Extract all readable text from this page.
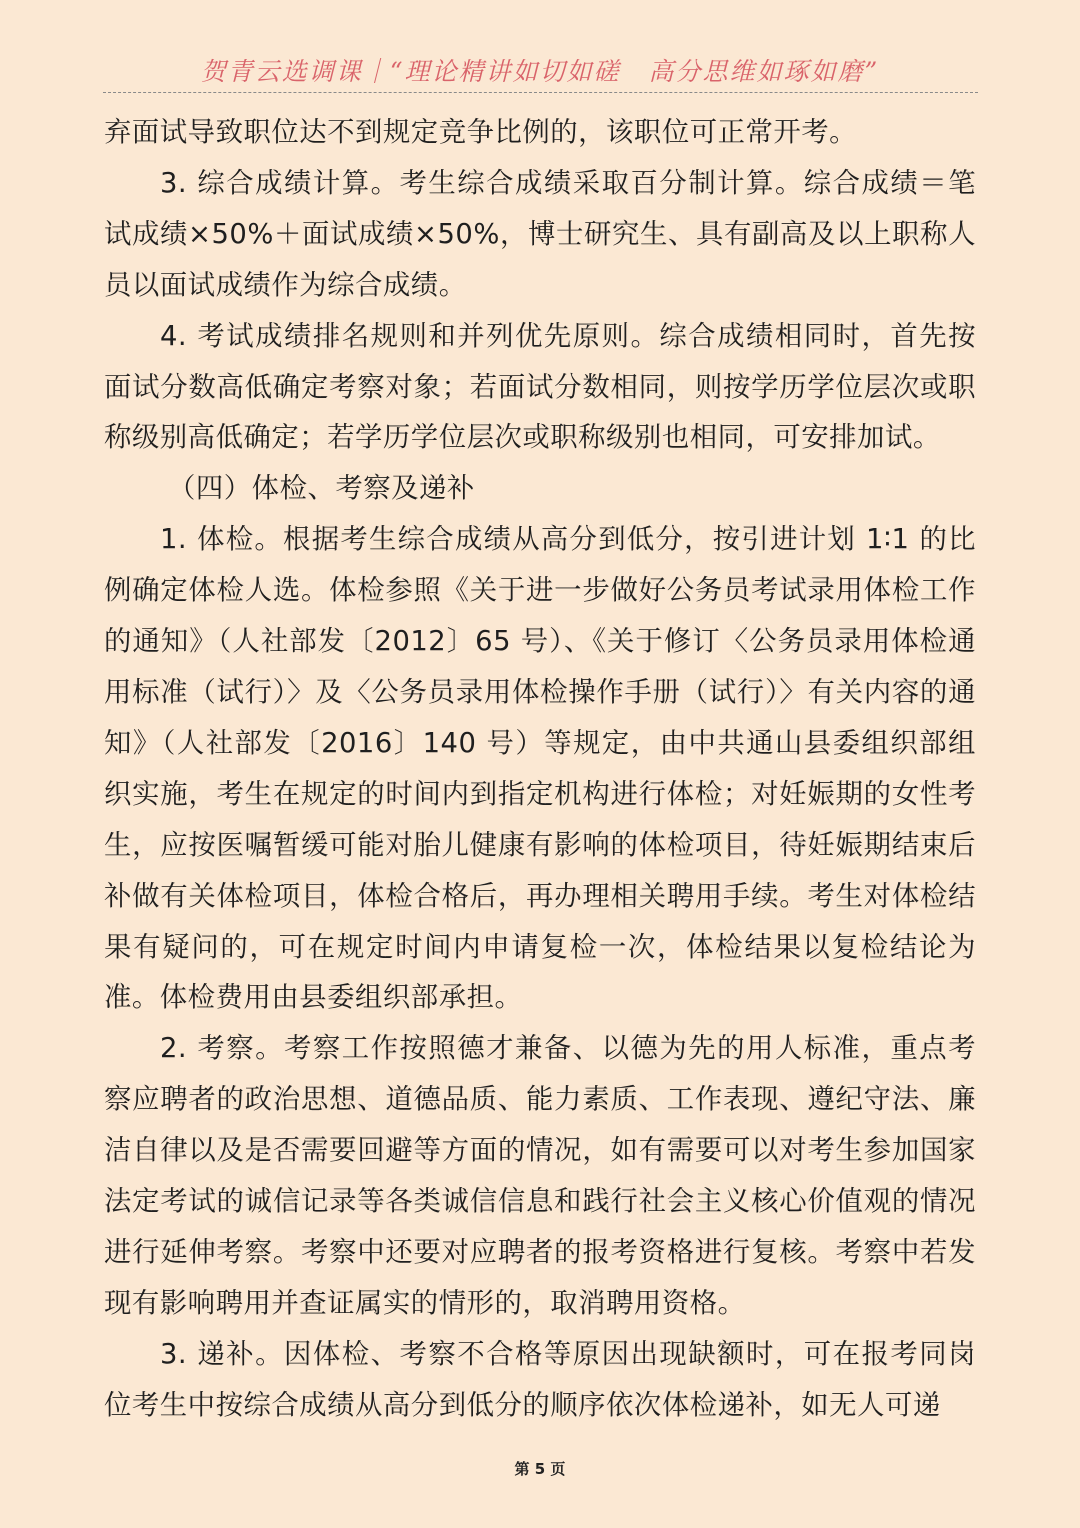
贺青云选调课｜“理论精讲如切如磋 高分思维如琢如磨”

弃面试导致职位达不到规定竞争比例的，该职位可正常开考。

3. 综合成绩计算。考生综合成绩采取百分制计算。综合成绩＝笔试成绩×50%＋面试成绩×50%，博士研究生、具有副高及以上职称人员以面试成绩作为综合成绩。

4. 考试成绩排名规则和并列优先原则。综合成绩相同时，首先按面试分数高低确定考察对象；若面试分数相同，则按学历学位层次或职称级别高低确定；若学历学位层次或职称级别也相同，可安排加试。

（四）体检、考察及递补

1. 体检。根据考生综合成绩从高分到低分，按引进计划 1∶1 的比例确定体检人选。体检参照《关于进一步做好公务员考试录用体检工作的通知》（人社部发〔2012〕65 号）、《关于修订〈公务员录用体检通用标准（试行）〉及〈公务员录用体检操作手册（试行）〉有关内容的通知》（人社部发〔2016〕140 号）等规定，由中共通山县委组织部组织实施，考生在规定的时间内到指定机构进行体检；对妊娠期的女性考生，应按医嘱暂缓可能对胎儿健康有影响的体检项目，待妊娠期结束后补做有关体检项目，体检合格后，再办理相关聘用手续。考生对体检结果有疑问的，可在规定时间内申请复检一次，体检结果以复检结论为准。体检费用由县委组织部承担。

2. 考察。考察工作按照德才兼备、以德为先的用人标准，重点考察应聘者的政治思想、道德品质、能力素质、工作表现、遵纪守法、廉洁自律以及是否需要回避等方面的情况，如有需要可以对考生参加国家法定考试的诚信记录等各类诚信信息和践行社会主义核心价值观的情况进行延伸考察。考察中还要对应聘者的报考资格进行复核。考察中若发现有影响聘用并查证属实的情形的，取消聘用资格。

3. 递补。因体检、考察不合格等原因出现缺额时，可在报考同岗位考生中按综合成绩从高分到低分的顺序依次体检递补，如无人可递

第 5 页
